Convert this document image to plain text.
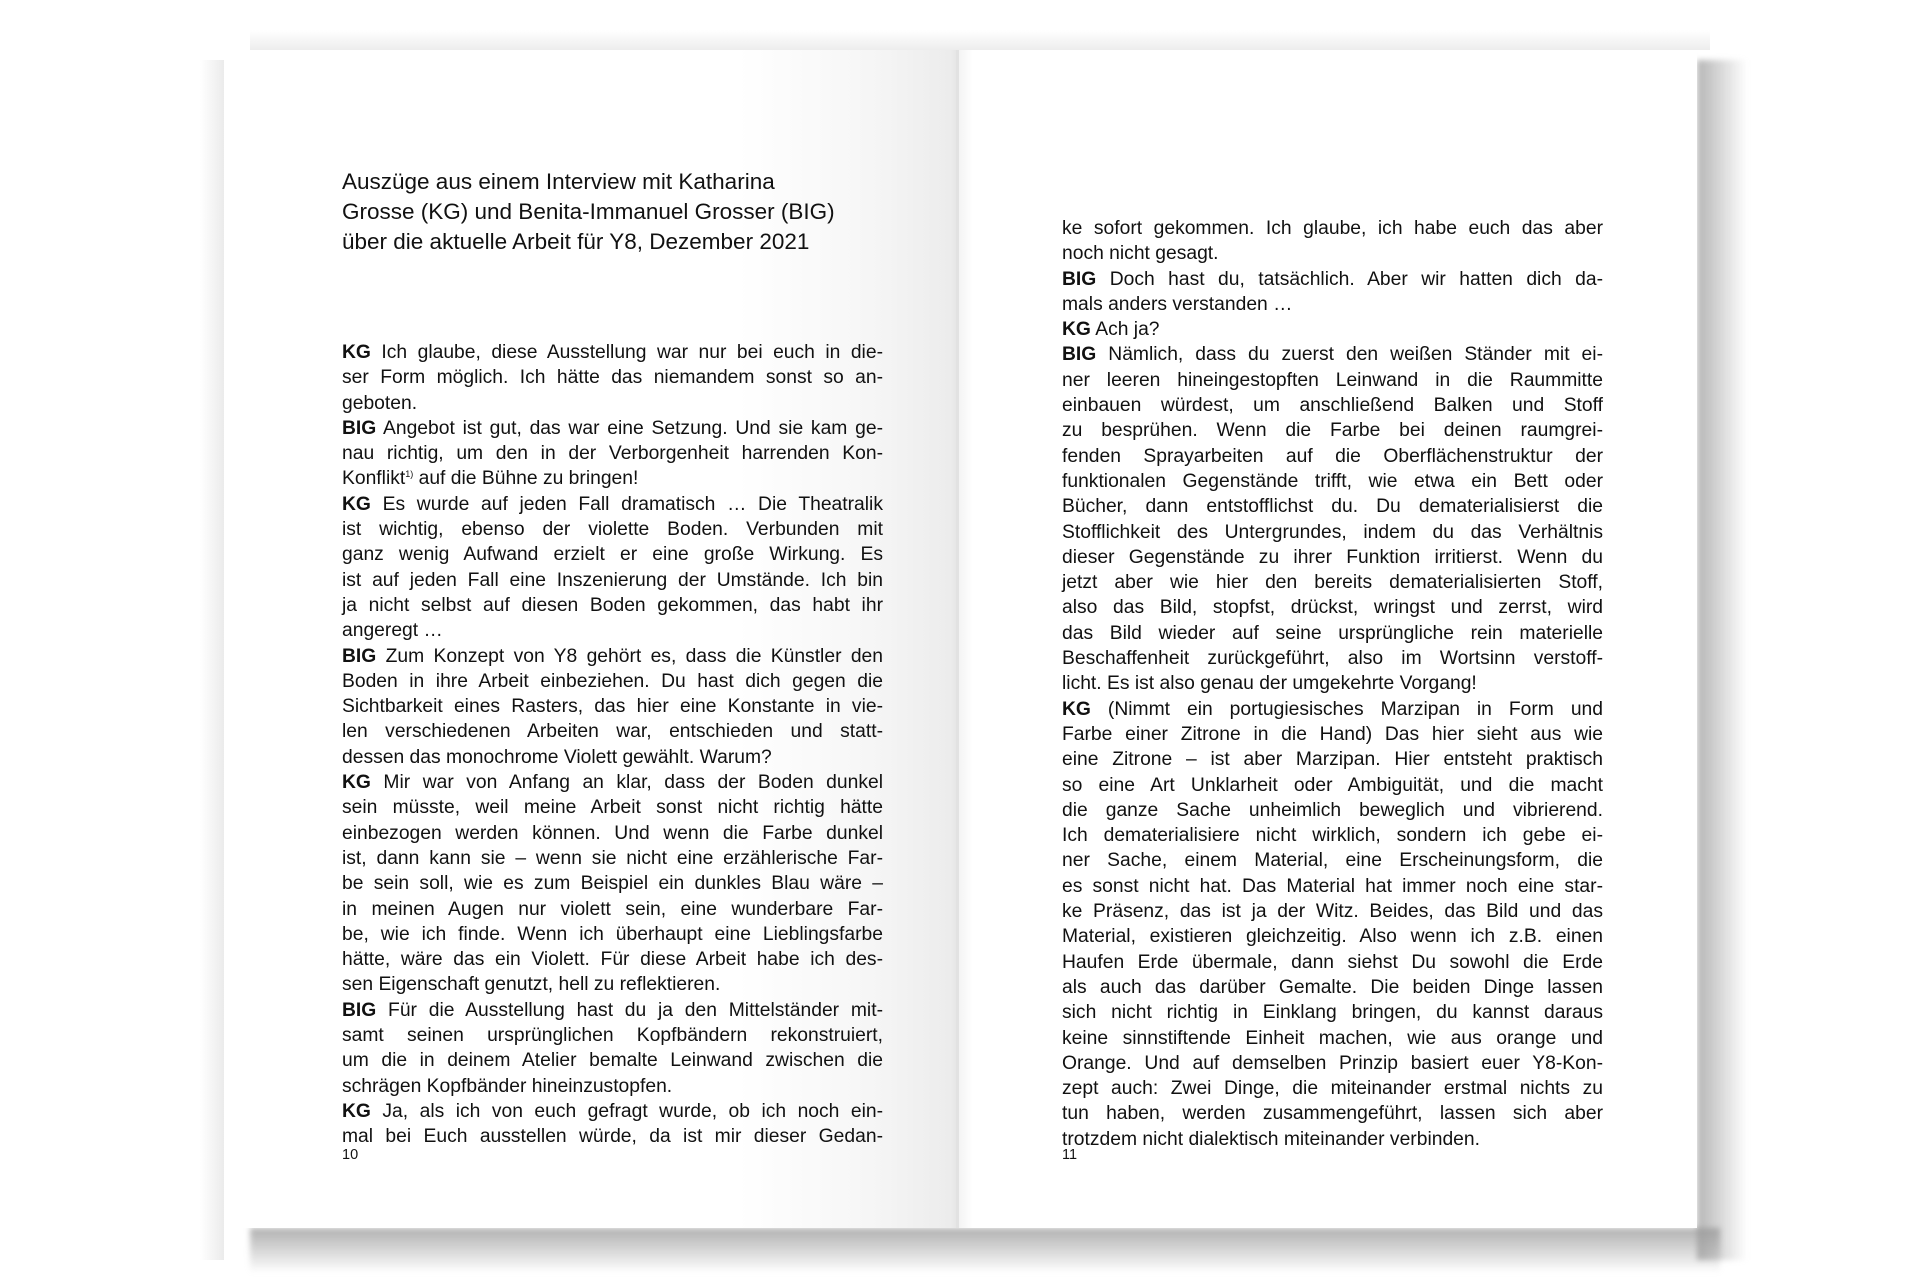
Auszüge aus einem Interview mit Katharina
Grosse (KG) und Benita-Immanuel Grosser (BIG)
über die aktuelle Arbeit für Y8, Dezember 2021
KG Ich glaube, diese Ausstellung war nur bei euch in die-
ser Form möglich. Ich hätte das niemandem sonst so an-
geboten.
BIG Angebot ist gut, das war eine Setzung. Und sie kam ge-
nau richtig, um den in der Verborgenheit harrenden Kon-
Konflikt$^{1)}$ auf die Bühne zu bringen!
KG Es wurde auf jeden Fall dramatisch … Die Theatralik
ist wichtig, ebenso der violette Boden. Verbunden mit
ganz wenig Aufwand erzielt er eine große Wirkung. Es
ist auf jeden Fall eine Inszenierung der Umstände. Ich bin
ja nicht selbst auf diesen Boden gekommen, das habt ihr
angeregt …
BIG Zum Konzept von Y8 gehört es, dass die Künstler den
Boden in ihre Arbeit einbeziehen. Du hast dich gegen die
Sichtbarkeit eines Rasters, das hier eine Konstante in vie-
len verschiedenen Arbeiten war, entschieden und statt-
dessen das monochrome Violett gewählt. Warum?
KG Mir war von Anfang an klar, dass der Boden dunkel
sein müsste, weil meine Arbeit sonst nicht richtig hätte
einbezogen werden können. Und wenn die Farbe dunkel
ist, dann kann sie – wenn sie nicht eine erzählerische Far-
be sein soll, wie es zum Beispiel ein dunkles Blau wäre –
in meinen Augen nur violett sein, eine wunderbare Far-
be, wie ich finde. Wenn ich überhaupt eine Lieblingsfarbe
hätte, wäre das ein Violett. Für diese Arbeit habe ich des-
sen Eigenschaft genutzt, hell zu reflektieren.
BIG Für die Ausstellung hast du ja den Mittelständer mit-
samt seinen ursprünglichen Kopfbändern rekonstruiert,
um die in deinem Atelier bemalte Leinwand zwischen die
schrägen Kopfbänder hineinzustopfen.
KG Ja, als ich von euch gefragt wurde, ob ich noch ein-
mal bei Euch ausstellen würde, da ist mir dieser Gedan-
10
ke sofort gekommen. Ich glaube, ich habe euch das aber
noch nicht gesagt.
BIG Doch hast du, tatsächlich. Aber wir hatten dich da-
mals anders verstanden …
KG Ach ja?
BIG Nämlich, dass du zuerst den weißen Ständer mit ei-
ner leeren hineingestopften Leinwand in die Raummitte
einbauen würdest, um anschließend Balken und Stoff
zu besprühen. Wenn die Farbe bei deinen raumgrei-
fenden Sprayarbeiten auf die Oberflächenstruktur der
funktionalen Gegenstände trifft, wie etwa ein Bett oder
Bücher, dann entstofflichst du. Du dematerialisierst die
Stofflichkeit des Untergrundes, indem du das Verhältnis
dieser Gegenstände zu ihrer Funktion irritierst. Wenn du
jetzt aber wie hier den bereits dematerialisierten Stoff,
also das Bild, stopfst, drückst, wringst und zerrst, wird
das Bild wieder auf seine ursprüngliche rein materielle
Beschaffenheit zurückgeführt, also im Wortsinn verstoff-
licht. Es ist also genau der umgekehrte Vorgang!
KG (Nimmt ein portugiesisches Marzipan in Form und
Farbe einer Zitrone in die Hand) Das hier sieht aus wie
eine Zitrone – ist aber Marzipan. Hier entsteht praktisch
so eine Art Unklarheit oder Ambiguität, und die macht
die ganze Sache unheimlich beweglich und vibrierend.
Ich dematerialisiere nicht wirklich, sondern ich gebe ei-
ner Sache, einem Material, eine Erscheinungsform, die
es sonst nicht hat. Das Material hat immer noch eine star-
ke Präsenz, das ist ja der Witz. Beides, das Bild und das
Material, existieren gleichzeitig. Also wenn ich z.B. einen
Haufen Erde übermale, dann siehst Du sowohl die Erde
als auch das darüber Gemalte. Die beiden Dinge lassen
sich nicht richtig in Einklang bringen, du kannst daraus
keine sinnstiftende Einheit machen, wie aus orange und
Orange. Und auf demselben Prinzip basiert euer Y8-Kon-
zept auch: Zwei Dinge, die miteinander erstmal nichts zu
tun haben, werden zusammengeführt, lassen sich aber
trotzdem nicht dialektisch miteinander verbinden.
11
